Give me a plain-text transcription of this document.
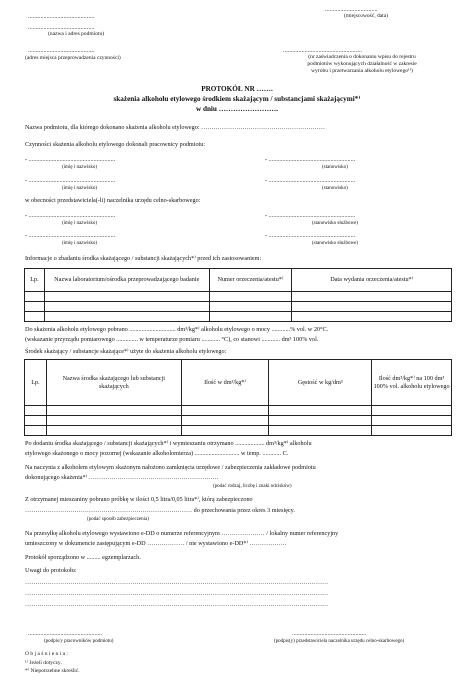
..................................
(miejscowość, data)
...........................................
...........................................
(nazwa i adres podmiotu)
...........................................
(adres miejsca przeprowadzenia czynności)
...................................................
(nr zaświadczenia o dokonaniu wpisu do rejestru
podmiotów wykonujących działalność w zakresie
wyrobu i przetwarzania alkoholu etylowego¹⁾)
PROTOKÓŁ NR …….
skażenia alkoholu etylowego środkiem skażającym / substancjami skażającymi*⁾
w dniu …………………….
Nazwa podmiotu, dla którego dokonano skażenia alkoholu etylowego: ……………………………………………………
Czynności skażenia alkoholu etylowego dokonali pracownicy podmiotu:
- ........................................................	- ........................................................
(imię i nazwisko)	(stanowisko)
- ........................................................	- ........................................................
(imię i nazwisko)	(stanowisko)
w obecności przedstawiciela(-li) naczelnika urzędu celno-skarbowego:
- ........................................................	- ........................................................
(imię i nazwisko)	(stanowisko służbowe)
- ........................................................	- ........................................................
(imię i nazwisko)	(stanowisko służbowe)
Informacje o zbadaniu środka skażającego / substancji skażających*⁾ przed ich zastosowaniem:
Lp.	Nazwa laboratorium/ośrodka przeprowadzającego badanie	Numer orzeczenia/atestu*⁾	Data wydania orzeczenia/atestu*⁾

Do skażenia alkoholu etylowego pobrano .............................. dm³/kg*⁾ alkoholu etylowego o mocy ............% vol. w 20°C.
(wskazanie przyrządu pomiarowego .............. w temperaturze pomiaru ............ °C), co stanowi ............ dm³ 100% vol.
Środek skażający / substancje skażające*⁾ użyte do skażenia alkoholu etylowego:
Lp.	Nazwa środka skażającego lub substancji skażających	Ilość w dm³/kg*⁾	Gęstość w kg/dm³	Ilość dm³/kg*⁾ na 100 dm³ 100% vol. alkoholu etylowego

Po dodaniu środka skażającego / substancji skażających*⁾ i wymieszaniu otrzymano ................... dm³/kg*⁾ alkoholu
etylowego skażonego o mocy pozornej (wskazanie alkoholomierza) ............................. w temp. ............ C.
Na naczynia z alkoholem etylowym skażonym nałożono zamknięcia urzędowe / zabezpieczenia zakładowe podmiotu
dokonującego skażenia*⁾ ………………………………………………………
(podać rodzaj, liczbę i znaki odcisków)
Z otrzymanej mieszaniny pobrano próbkę w ilości 0,5 litra/0,05 litra*⁾, którą zabezpieczono
……………………………………………………………………… do przechowania przez okres 3 miesięcy.
(podać sposób zabezpieczenia)
Na przesyłkę alkoholu etylowego wystawiono e-DD o numerze referencyjnym ………………… / lokalny numer referencyjny
umieszczony w dokumencie zastępującym e-DD ……………… / nie wystawiono e-DD*⁾ ………………
Protokół sporządzono w ......... egzemplarzach.
Uwagi do protokołu:
…………………………………………………………………………………………………………………………………
…………………………………………………………………………………………………………………………………
…………………………………………………………………………………………………………………………………
................................................
(podpis/y pracowników podmiotu)
................................................
(podpis(y) przedstawiciela naczelnika urzędu celno-skarbowego)
O b j a ś n i e n i a :
¹⁾ Jeżeli dotyczy.
*⁾ Niepotrzebne skreślić.
